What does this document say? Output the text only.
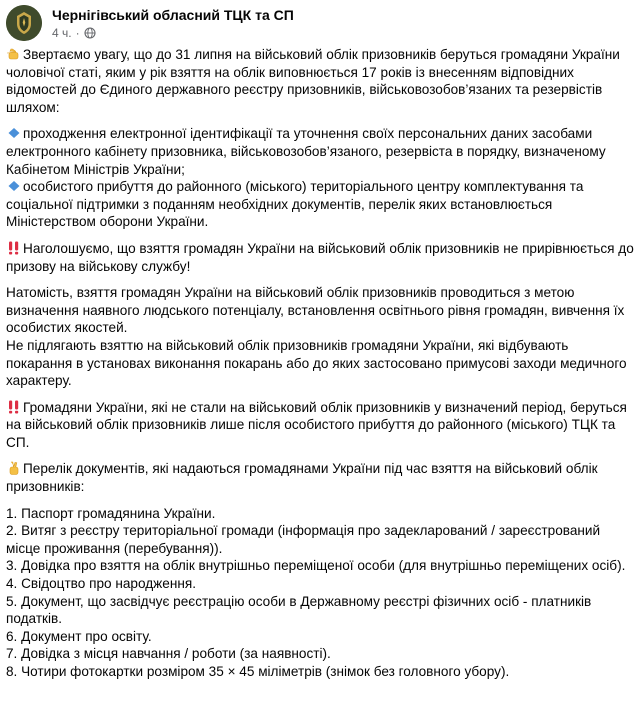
Чернігівський обласний ТЦК та СП
4 ч. ·

Звертаємо увагу, що до 31 липня на військовий облік призовників беруться громадяни України чоловічої статі, яким у рік взяття на облік виповнюється 17 років із внесенням відповідних відомостей до Єдиного державного реєстру призовників, військовозобов’язаних та резервістів шляхом:

проходження електронної ідентифікації та уточнення своїх персональних даних засобами електронного кабінету призовника, військовозобов’язаного, резервіста в порядку, визначеному Кабінетом Міністрів України;

особистого прибуття до районного (міського) територіального центру комплектування та соціальної підтримки з поданням необхідних документів, перелік яких встановлюється Міністерством оборони України.

Наголошуємо, що взяття громадян України на військовий облік призовників не прирівнюється до призову на військову службу!

Натомість, взяття громадян України на військовий облік призовників проводиться з метою визначення наявного людського потенціалу, встановлення освітнього рівня громадян, вивчення їх особистих якостей.

Не підлягають взяттю на військовий облік призовників громадяни України, які відбувають покарання в установах виконання покарань або до яких застосовано примусові заходи медичного характеру.

Громадяни України, які не стали на військовий облік призовників у визначений період, беруться на військовий облік призовників лише після особистого прибуття до районного (міського) ТЦК та СП.

Перелік документів, які надаються громадянами України під час взяття на військовий облік призовників:

1. Паспорт громадянина України.

2. Витяг з реєстру територіальної громади (інформація про задекларований / зареєстрований місце проживання (перебування)).

3. Довідка про взяття на облік внутрішньо переміщеної особи (для внутрішньо переміщених осіб).

4. Свідоцтво про народження.

5. Документ, що засвідчує реєстрацію особи в Державному реєстрі фізичних осіб - платників податків.

6. Документ про освіту.

7. Довідка з місця навчання / роботи (за наявності).

8. Чотири фотокартки розміром 35 × 45 міліметрів (знімок без головного убору).
